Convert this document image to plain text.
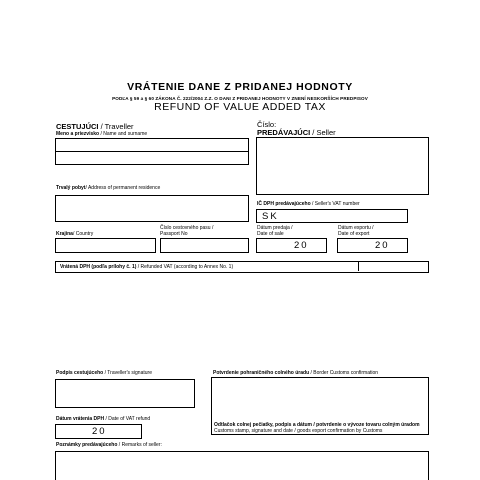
VRÁTENIE DANE Z PRIDANEJ HODNOTY
PODĽA § 59 a § 60 ZÁKONA Č. 222/2004 Z.Z. O DANI Z PRIDANEJ HODNOTY V ZNENÍ NESKORŠÍCH PREDPISOV
REFUND OF VALUE ADDED TAX
CESTUJÚCI / Traveller
Meno a priezvisko / Name and surname
Trvalý pobyt/ Address of permanent residence
Číslo cestovného pasu /
Passport No
Krajina/ Country
Číslo:
PREDÁVAJÚCI / Seller
IČ DPH predávajúceho / Seller's VAT number
SK
Dátum predaja /
Date of sale
20
Dátum exportu /
Date of export
20
Vrátená DPH (podľa prílohy č. 1) / Refunded VAT (according to Annex No. 1)
Podpis cestujúceho / Traveller's signature	Potvrdenie pohraničného colného úradu / Border Customs confirmation
Odtlačok colnej pečiatky, podpis a dátum / potvrdenie o vývoze tovaru colným úradom
Customs stamp, signature and date / goods export confirmation by Customs
Dátum vrátenia DPH / Date of VAT refund
20
Poznámky predávajúceho / Remarks of seller:
